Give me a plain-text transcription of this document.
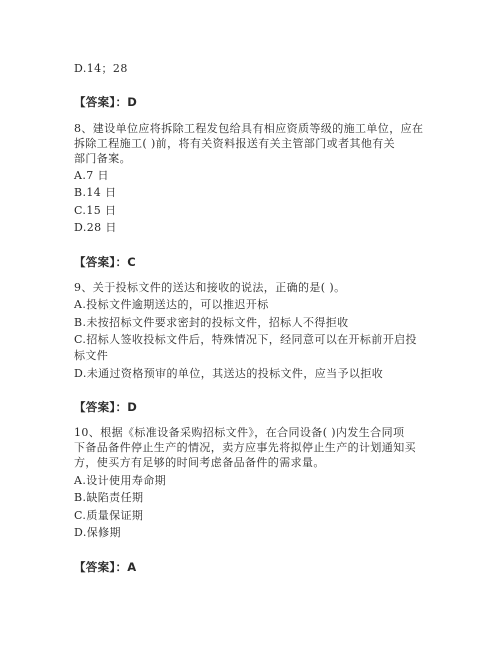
D.14；28
【答案】：D
8、建设单位应将拆除工程发包给具有相应资质等级的施工单位，应在
拆除工程施工( )前，将有关资料报送有关主管部门或者其他有关
部门备案。
A.7 日
B.14 日
C.15 日
D.28 日
【答案】：C
9、关于投标文件的送达和接收的说法，正确的是( )。
A.投标文件逾期送达的，可以推迟开标
B.未按招标文件要求密封的投标文件，招标人不得拒收
C.招标人签收投标文件后，特殊情况下，经同意可以在开标前开启投
标文件
D.未通过资格预审的单位，其送达的投标文件，应当予以拒收
【答案】：D
10、根据《标准设备采购招标文件》，在合同设备( )内发生合同项
下备品备件停止生产的情况，卖方应事先将拟停止生产的计划通知买
方，使买方有足够的时间考虑备品备件的需求量。
A.设计使用寿命期
B.缺陷责任期
C.质量保证期
D.保修期
【答案】：A
